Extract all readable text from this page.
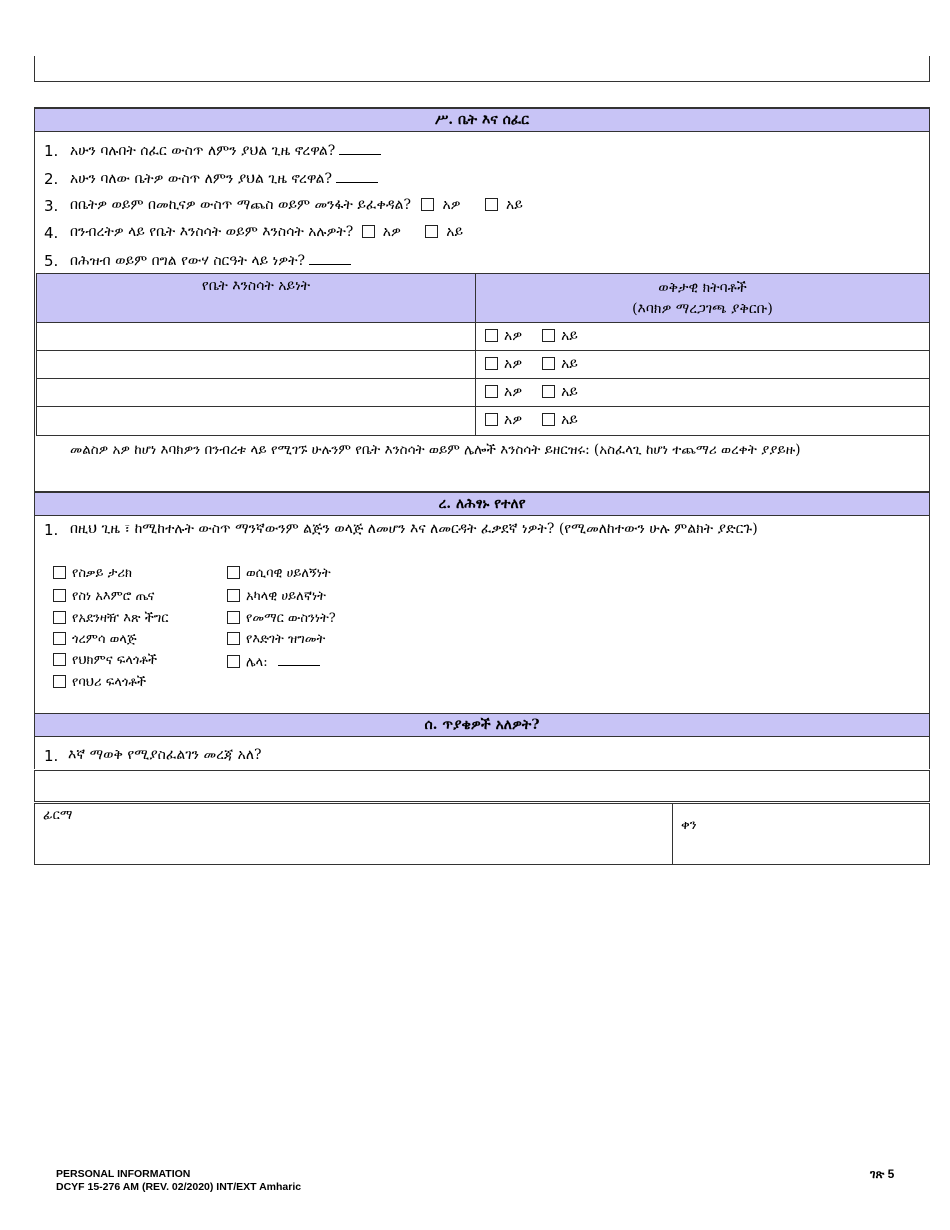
ሥ. ቤት እና ሰፈር
1. አሁን ባሉበት ሰፈር ውስጥ ለምን ያህል ጊዜ ኖረዋል?
2. አሁን ባለው ቤትዎ ውስጥ ለምን ያህል ጊዜ ኖረዋል?
3. በቤትዎ ወይም በመኪናዎ ውስጥ ማጨስ ወይም መንፋት ይፈቀዳል? አዎ	አይ
4. በንብረትዎ ላይ የቤት እንስሳት ወይም እንስሳት አሉዎት? አዎ	አይ
5. በሕዝብ ወይም በግል የውሃ ስርዓት ላይ ነዎት?
የቤት እንስሳት አይነት	ወቅታዊ ክትባቶች
(እባክዎ ማረጋገጫ ያቅርቡ)
አዎ	አይ
አዎ	አይ
አዎ	አይ
አዎ	አይ
መልስዎ አዎ ከሆነ እባክዎን በንብረቱ ላይ የሚገኙ ሁሉንም የቤት እንስሳት ወይም ሌሎች እንስሳት ይዘርዝሩ: (አስፈላጊ ከሆነ ተጨማሪ ወረቀት ያያይዙ)
ረ. ለሕፃኑ የተለየ
1. በዚህ ጊዜ ፣ ከሚከተሉት ውስጥ ማንኛውንም ልጅን ወላጅ ለመሆን እና ለመርዳት ፈቃደኛ ነዎት? (የሚመለከተውን ሁሉ ምልክት ያድርጉ)
የስቃይ ታሪክ
የስነ አእምሮ ጤና
የአደንዛዥ እጽ ችግር
ጎረምሳ ወላጅ
የህክምና ፍላጎቶች
የባህሪ ፍላጎቶች
ወሲባዊ ሀይለኝነት
አካላዊ ሀይለኛነት
የመማር ውስንነት?
የእድገት ዝግመት
ሌላ:
ሰ. ጥያቄዎች አለዎት?
1. እኛ ማወቅ የሚያስፈልገን መረጃ አለ?
ፊርማ
ቀን
PERSONAL INFORMATION
DCYF 15-276 AM (REV. 02/2020) INT/EXT Amharic
ገጽ 5
